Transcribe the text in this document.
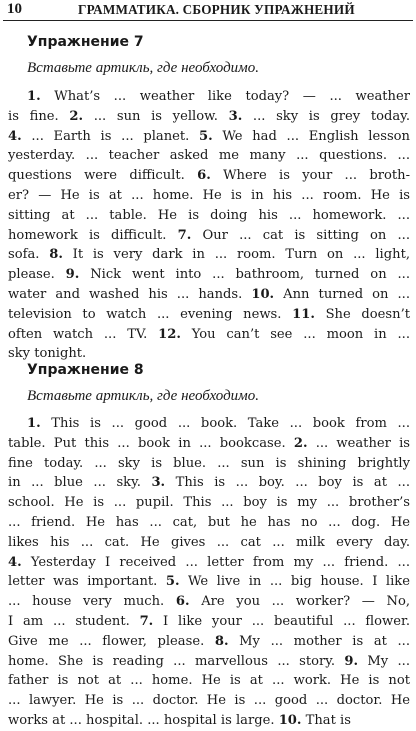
10	ГРАММАТИКА. СБОРНИК УПРАЖНЕНИЙ
Упражнение 7
Вставьте артикль, где необходимо.
1. What’s ... weather like today? — ... weather
is fine. 2. ... sun is yellow. 3. ... sky is grey today.
4. ... Earth is ... planet. 5. We had ... English lesson
yesterday. ... teacher asked me many ... questions. ...
questions were difficult. 6. Where is your ... broth-
er? — He is at ... home. He is in his ... room. He is
sitting at ... table. He is doing his ... homework. ...
homework is difficult. 7. Our ... cat is sitting on ...
sofa. 8. It is very dark in ... room. Turn on ... light,
please. 9. Nick went into ... bathroom, turned on ...
water and washed his ... hands. 10. Ann turned on ...
television to watch ... evening news. 11. She doesn’t
often watch ... TV. 12. You can’t see ... moon in ...
sky tonight.
Упражнение 8
Вставьте артикль, где необходимо.
1. This is ... good ... book. Take ... book from ...
table. Put this ... book in ... bookcase. 2. ... weather is
fine today. ... sky is blue. ... sun is shining brightly
in ... blue ... sky. 3. This is ... boy. ... boy is at ...
school. He is ... pupil. This ... boy is my ... brother’s
... friend. He has ... cat, but he has no ... dog. He
likes his ... cat. He gives ... cat ... milk every day.
4. Yesterday I received ... letter from my ... friend. ...
letter was important. 5. We live in ... big house. I like
... house very much. 6. Are you ... worker? — No,
I am ... student. 7. I like your ... beautiful ... flower.
Give me ... flower, please. 8. My ... mother is at ...
home. She is reading ... marvellous ... story. 9. My ...
father is not at ... home. He is at ... work. He is not
... lawyer. He is ... doctor. He is ... good ... doctor. He
works at ... hospital. ... hospital is large. 10. That is
